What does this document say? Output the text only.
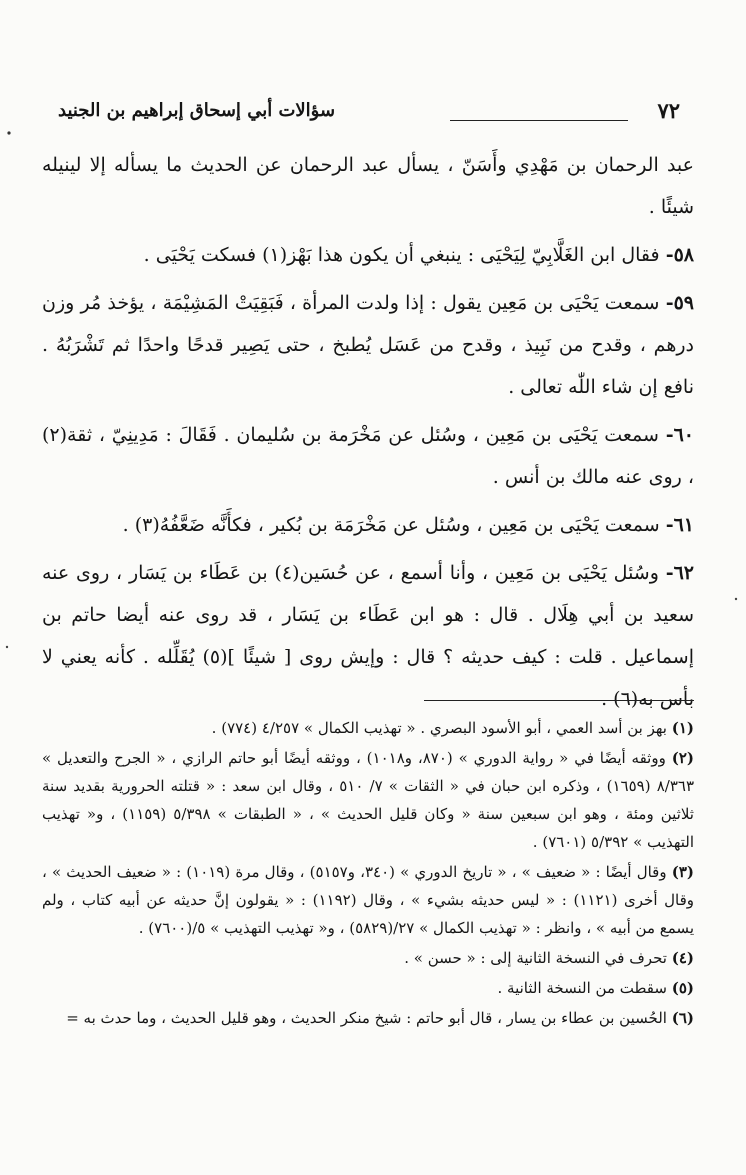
٧٢
سؤالات أبي إسحاق إبراهيم بن الجنيد

عبد الرحمان بن مَهْدِي وأَسَنّ ، يسأل عبد الرحمان عن الحديث ما يسأله إلا لينيله شيئًا .

٥٨- فقال ابن الغَلَّابِيّ لِيَحْيَى : ينبغي أن يكون هذا بَهْز(١) فسكت يَحْيَى .

٥٩- سمعت يَحْيَى بن مَعِين يقول : إذا ولدت المرأة ، فَبَقِيَتْ المَشِيْمَة ، يؤخذ مُر وزن درهم ، وقدح من نَبِيذ ، وقدح من عَسَل يُطبخ ، حتى يَصِير قدحًا واحدًا ثم تَشْرَبُهُ . نافع إن شاء اللّٰه تعالى .

٦٠- سمعت يَحْيَى بن مَعِين ، وسُئل عن مَخْرَمة بن سُليمان . فَقَالَ : مَدِينِيّ ، ثقة(٢) ، روى عنه مالك بن أنس .

٦١- سمعت يَحْيَى بن مَعِين ، وسُئل عن مَخْرَمَة بن بُكير ، فكأَنَّه ضَعَّفُهُ(٣) .

٦٢- وسُئل يَحْيَى بن مَعِين ، وأنا أسمع ، عن حُسَين(٤) بن عَطَاء بن يَسَار ، روى عنه سعيد بن أبي هِلَال . قال : هو ابن عَطَاء بن يَسَار ، قد روى عنه أيضا حاتم بن إسماعيل . قلت : كيف حديثه ؟ قال : وإيش روى [ شيئًا ](٥) يُقَلِّله . كأنه يعني لا بأس به(٦) .

(١) بهز بن أسد العمي ، أبو الأسود البصري . « تهذيب الكمال » ٤/٢٥٧ (٧٧٤) .

(٢) ووثقه أيضًا في « رواية الدوري » (٨٧٠، و١٠١٨) ، ووثقه أيضًا أبو حاتم الرازي ، « الجرح والتعديل » ٨/٣٦٣ (١٦٥٩) ، وذكره ابن حبان في « الثقات » ٧/ ٥١٠ ، وقال ابن سعد : « قتلته الحرورية بقديد سنة ثلاثين ومئة ، وهو ابن سبعين سنة « وكان قليل الحديث » ، « الطبقات » ٥/٣٩٨ (١١٥٩) ، و« تهذيب التهذيب » ٥/٣٩٢ (٧٦٠١) .

(٣) وقال أيضًا : « ضعيف » ، « تاريخ الدوري » (٣٤٠، و٥١٥٧) ، وقال مرة (١٠١٩) : « ضعيف الحديث » ، وقال أخرى (١١٢١) : « ليس حديثه بشيء » ، وقال (١١٩٢) : « يقولون إنَّ حديثه عن أبيه كتاب ، ولم يسمع من أبيه » ، وانظر : « تهذيب الكمال » ٢٧/(٥٨٢٩) ، و« تهذيب التهذيب » ٥/(٧٦٠٠) .

(٤) تحرف في النسخة الثانية إلى : « حسن » .

(٥) سقطت من النسخة الثانية .

(٦) الحُسين بن عطاء بن يسار ، قال أبو حاتم : شيخ منكر الحديث ، وهو قليل الحديث ، وما حدث به =
